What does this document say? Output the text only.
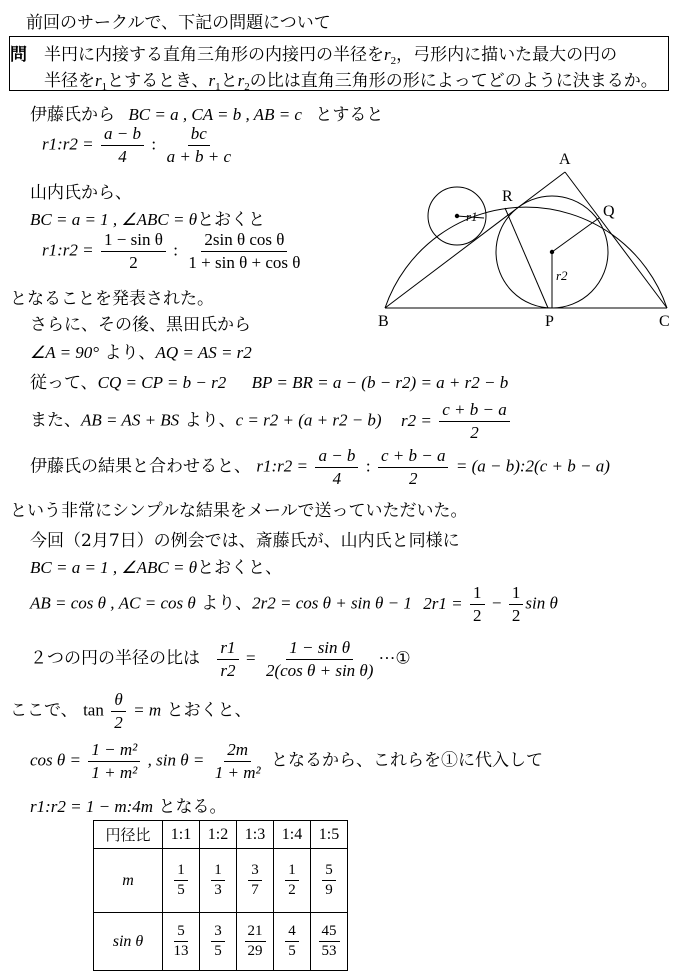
前回のサークルで、下記の問題について
問 半円に内接する直角三角形の内接円の半径を$r_2$，弓形内に描いた最大の円の
半径を$r_1$とするとき、$r_1$と$r_2$の比は直角三角形の形によってどのように決まるか。
伊藤氏から BC = a , CA = b , AB = c とすると
r1:r2 = $\frac{a - b}{4}$ : $\frac{bc}{a + b + c}$
山内氏から、
BC = a = 1 , ∠ABC = θとおくと
r1:r2 = $\frac{\text{1 − sin θ}}{2}$ : $\frac{\text{2sin θ cos θ}}{\text{1 + sin θ + cos θ}}$
となることを発表された。
さらに、その後、黒田氏から
∠A = 90° より、AQ = AS = r2
従って、CQ = CP = b − r2 BP = BR = a − (b − r2) = a + r2 − b
また、AB = AS + BS より、c = r2 + (a + r2 − b) $r2 = \frac{c + b - a}{2}$
伊藤氏の結果と合わせると、 r1:r2 = $\frac{a - b}{4}$ : $\frac{c + b - a}{2} = (a$ − b):2(c + b − a)
という非常にシンプルな結果をメールで送っていただいた。
今回（2月7日）の例会では、斎藤氏が、山内氏と同様に
BC = a = 1 , ∠ABC = θとおくと、
AB = cos θ , AC = cos θ より、2r2 = cos θ + sin θ − 1 $2r1 = \frac{1}{2} - \frac{1}{2}$ sin θ
２つの円の半径の比は $\frac{r1}{r2} = \frac{\text{1 − sin θ}}{\text{2(cos θ + sin θ)}}$ ···①
ここで、 $\tan \frac{\theta}{2} = m$ とおくと、
$\cos \theta = \frac{\text{1 − m²}}{\text{1 + m²}}$ , $\sin \theta = \frac{2m}{\text{1 + m²}}$ となるから、これらを①に代入して
r1:r2 = 1 − m:4m となる。
円径比	1:1	1:2	1:3	1:4	1:5
m	$\frac{1}{5}$	$\frac{1}{3}$	$\frac{3}{7}$	$\frac{1}{2}$	$\frac{5}{9}$

sin θ	$\frac{5}{13}$	$\frac{3}{5}$	$\frac{21}{29}$	$\frac{4}{5}$	$\frac{45}{53}$
A
B	C
P
Q
R
r1
r2
